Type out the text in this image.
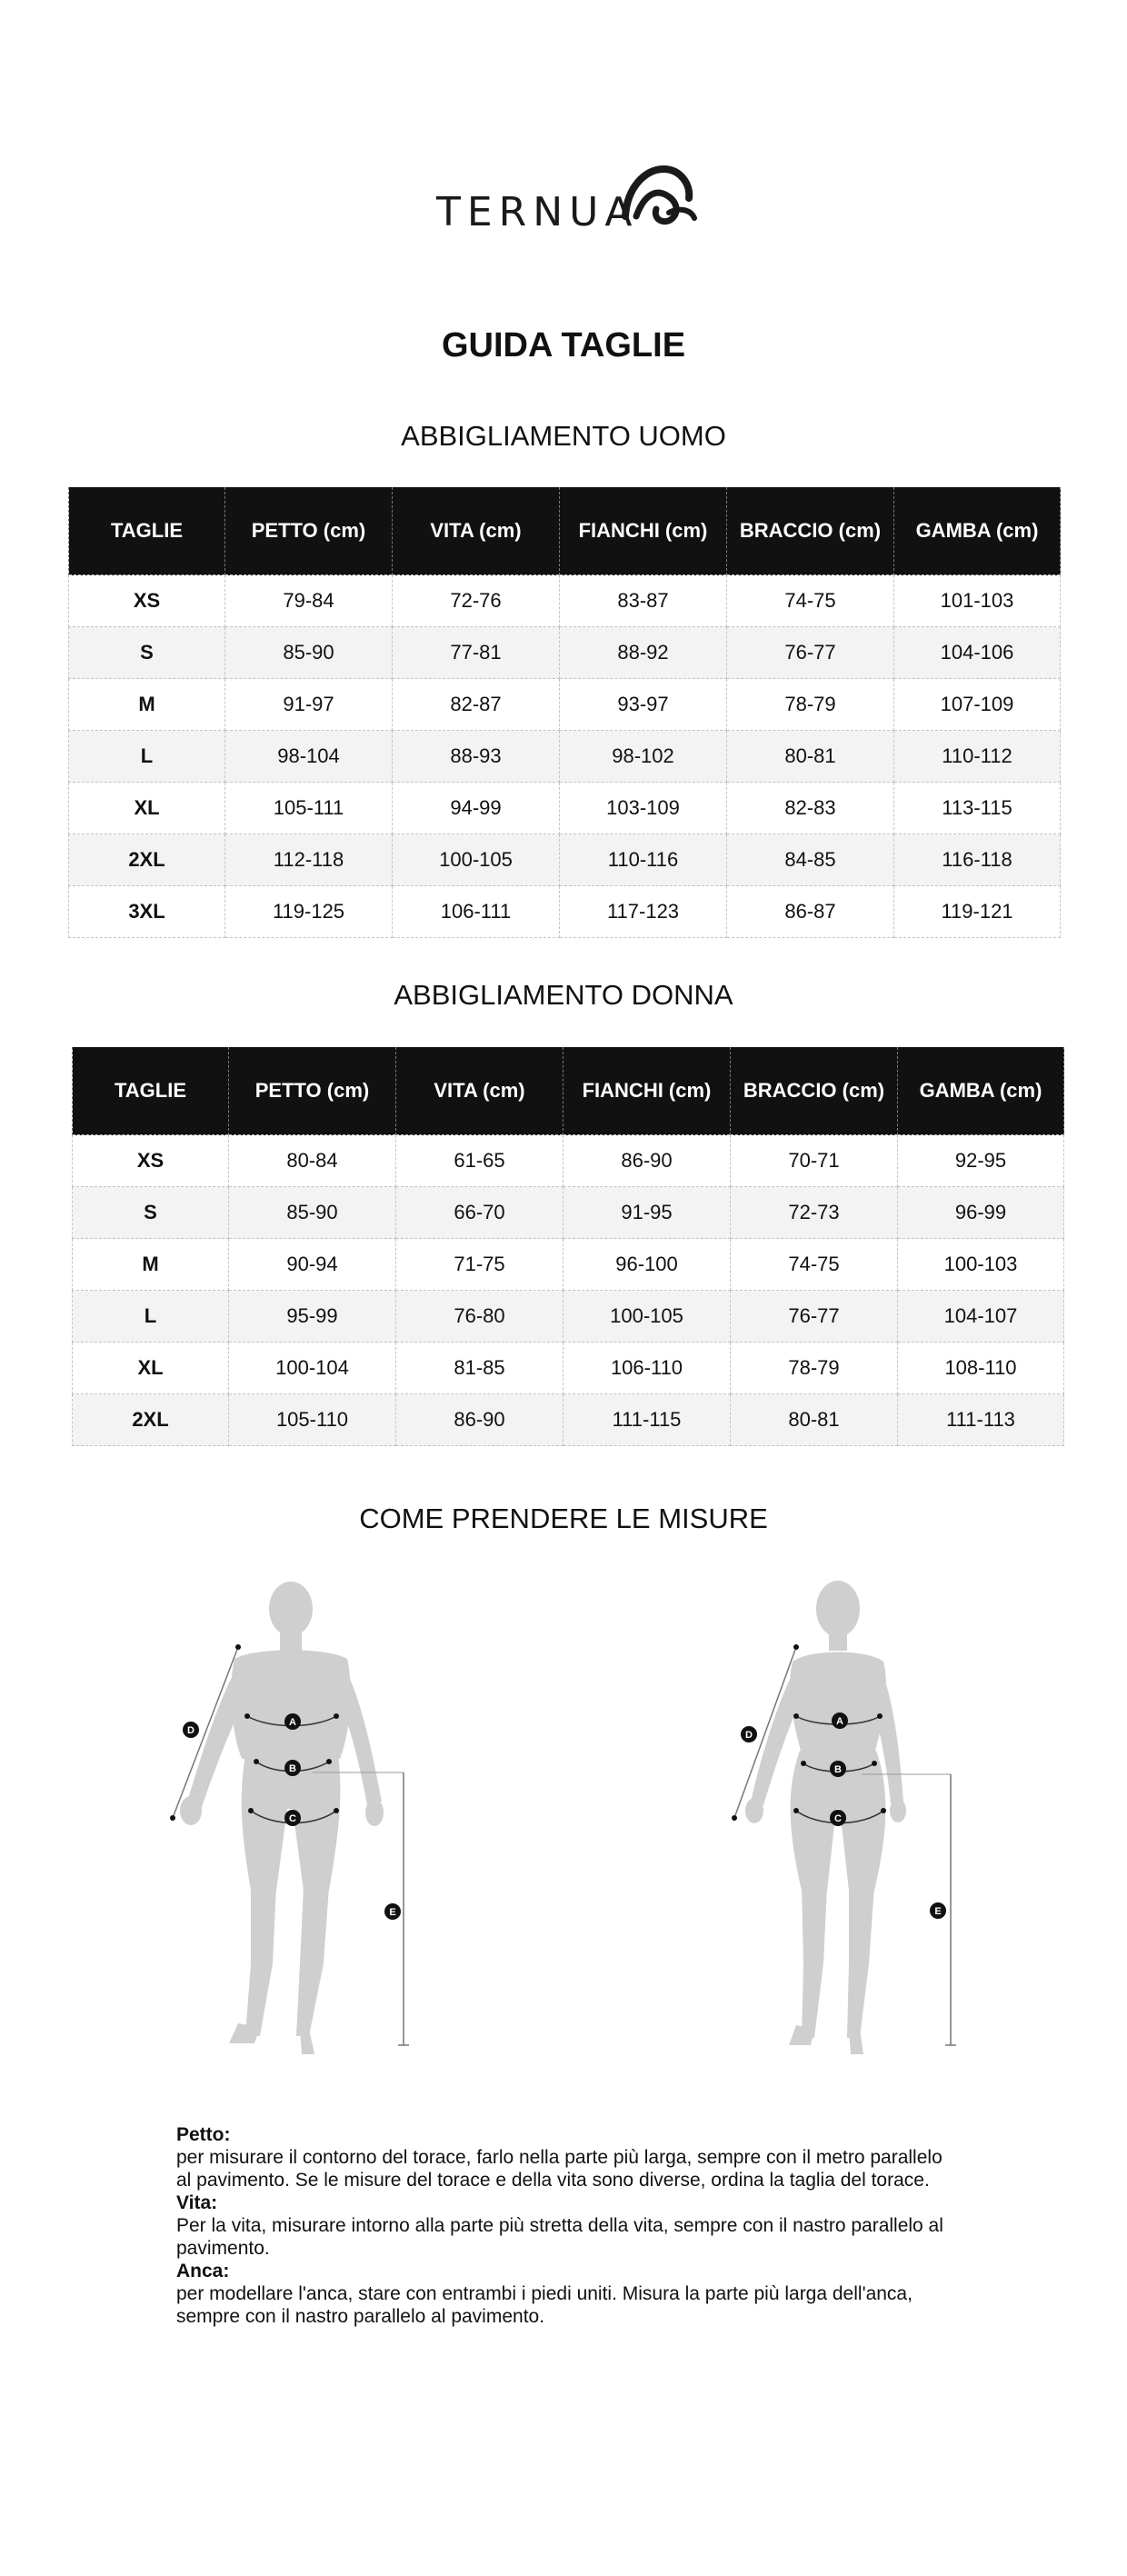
TERNUA
GUIDA TAGLIE
ABBIGLIAMENTO UOMO
TAGLIE	PETTO (cm)	VITA (cm)	FIANCHI (cm)	BRACCIO (cm)	GAMBA (cm)
XS	79-84	72-76	83-87	74-75	101-103
S	85-90	77-81	88-92	76-77	104-106
M	91-97	82-87	93-97	78-79	107-109
L	98-104	88-93	98-102	80-81	110-112
XL	105-111	94-99	103-109	82-83	113-115
2XL	112-118	100-105	110-116	84-85	116-118
3XL	119-125	106-111	117-123	86-87	119-121
ABBIGLIAMENTO DONNA
TAGLIE	PETTO (cm)	VITA (cm)	FIANCHI (cm)	BRACCIO (cm)	GAMBA (cm)
XS	80-84	61-65	86-90	70-71	92-95
S	85-90	66-70	91-95	72-73	96-99
M	90-94	71-75	96-100	74-75	100-103
L	95-99	76-80	100-105	76-77	104-107
XL	100-104	81-85	106-110	78-79	108-110
2XL	105-110	86-90	111-115	80-81	111-113
COME PRENDERE LE MISURE
A
B
C
D
E
A
B
C
D
E
Petto:
per misurare il contorno del torace, farlo nella parte più larga, sempre con il metro parallelo al pavimento. Se le misure del torace e della vita sono diverse, ordina la taglia del torace.
Vita:
Per la vita, misurare intorno alla parte più stretta della vita, sempre con il nastro parallelo al pavimento.
Anca:
per modellare l'anca, stare con entrambi i piedi uniti. Misura la parte più larga dell'anca, sempre con il nastro parallelo al pavimento.
